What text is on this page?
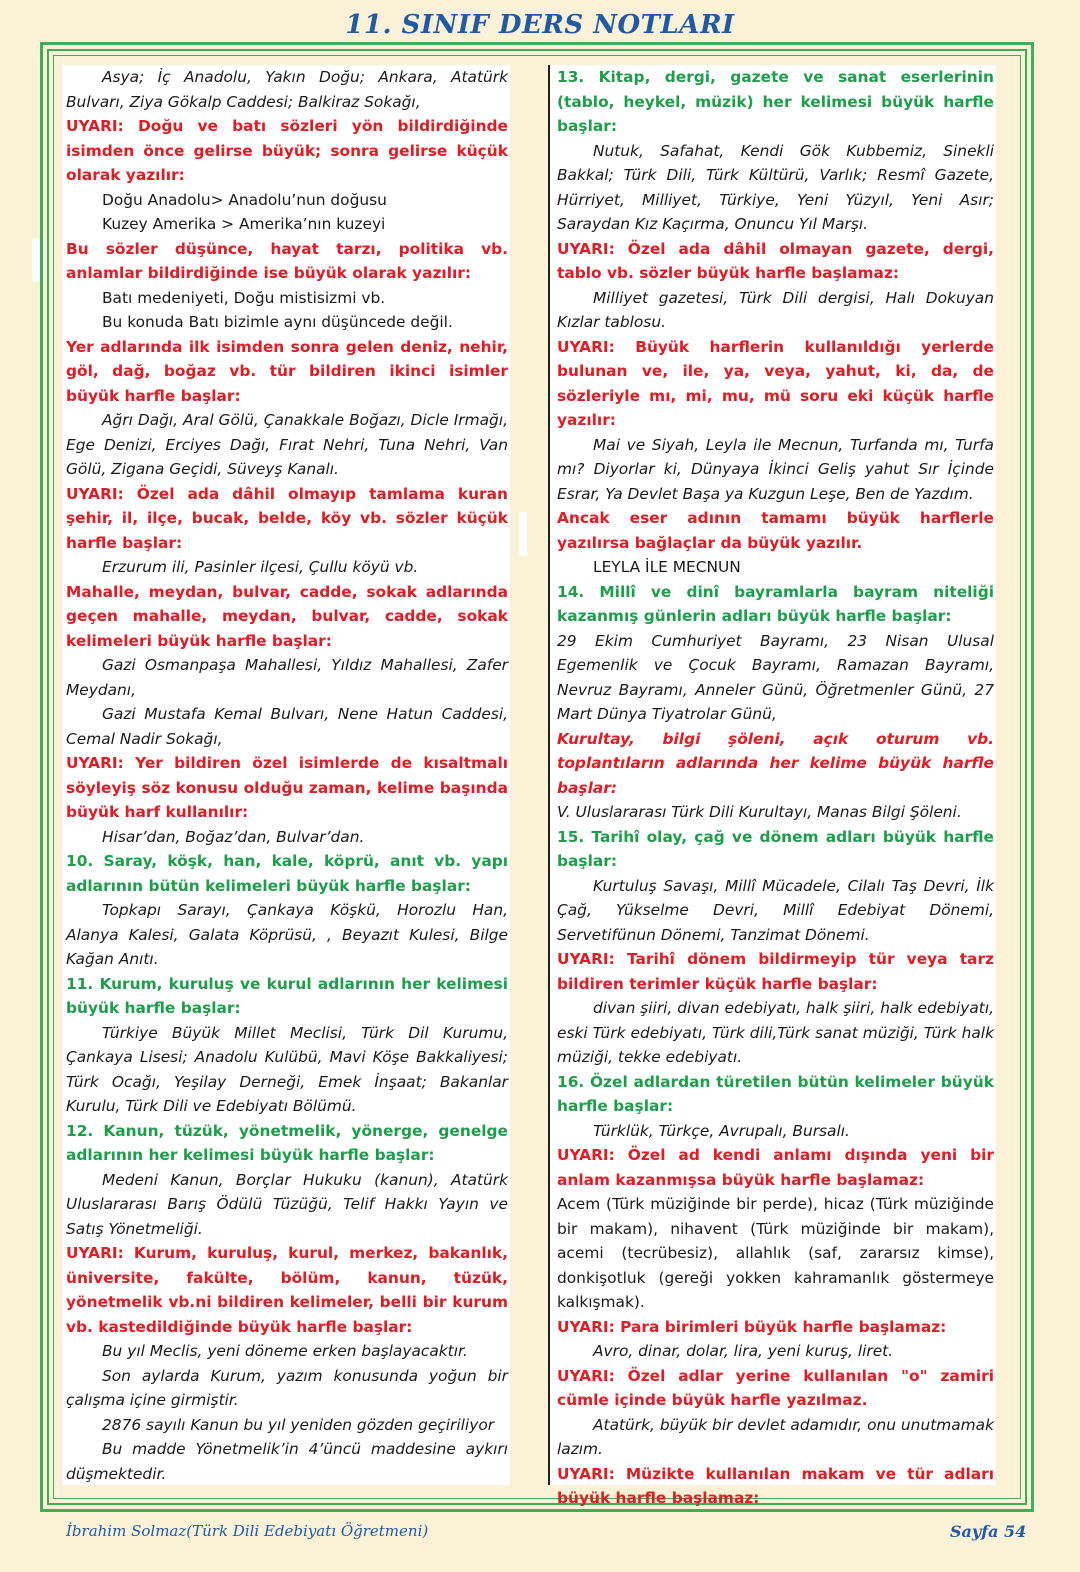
11. SINIF DERS NOTLARI

Asya; İç Anadolu, Yakın Doğu; Ankara, Atatürk Bulvarı, Ziya Gökalp Caddesi; Balkiraz Sokağı,

UYARI: Doğu ve batı sözleri yön bildirdiğinde isimden önce gelirse büyük; sonra gelirse küçük olarak yazılır:

Doğu Anadolu> Anadolu’nun doğusu

Kuzey Amerika > Amerika’nın kuzeyi

Bu sözler düşünce, hayat tarzı, politika vb. anlamlar bildirdiğinde ise büyük olarak yazılır:

Batı medeniyeti, Doğu mistisizmi vb.

Bu konuda Batı bizimle aynı düşüncede değil.

Yer adlarında ilk isimden sonra gelen deniz, nehir, göl, dağ, boğaz vb. tür bildiren ikinci isimler büyük harfle başlar:

Ağrı Dağı, Aral Gölü, Çanakkale Boğazı, Dicle Irmağı, Ege Denizi, Erciyes Dağı, Fırat Nehri, Tuna Nehri, Van Gölü, Zigana Geçidi, Süveyş Kanalı.

UYARI: Özel ada dâhil olmayıp tamlama kuran şehir, il, ilçe, bucak, belde, köy vb. sözler küçük harfle başlar:

Erzurum ili, Pasinler ilçesi, Çullu köyü vb.

Mahalle, meydan, bulvar, cadde, sokak adlarında geçen mahalle, meydan, bulvar, cadde, sokak kelimeleri büyük harfle başlar:

Gazi Osmanpaşa Mahallesi, Yıldız Mahallesi, Zafer Meydanı,

Gazi Mustafa Kemal Bulvarı, Nene Hatun Caddesi, Cemal Nadir Sokağı,

UYARI: Yer bildiren özel isimlerde de kısaltmalı söyleyiş söz konusu olduğu zaman, kelime başında büyük harf kullanılır:

Hisar’dan, Boğaz’dan, Bulvar’dan.

10. Saray, köşk, han, kale, köprü, anıt vb. yapı adlarının bütün kelimeleri büyük harfle başlar:

Topkapı Sarayı, Çankaya Köşkü, Horozlu Han, Alanya Kalesi, Galata Köprüsü, , Beyazıt Kulesi, Bilge Kağan Anıtı.

11. Kurum, kuruluş ve kurul adlarının her kelimesi büyük harfle başlar:

Türkiye Büyük Millet Meclisi, Türk Dil Kurumu, Çankaya Lisesi; Anadolu Kulübü, Mavi Köşe Bakkaliyesi; Türk Ocağı, Yeşilay Derneği, Emek İnşaat; Bakanlar Kurulu, Türk Dili ve Edebiyatı Bölümü.

12. Kanun, tüzük, yönetmelik, yönerge, genelge adlarının her kelimesi büyük harfle başlar:

Medeni Kanun, Borçlar Hukuku (kanun), Atatürk Uluslararası Barış Ödülü Tüzüğü, Telif Hakkı Yayın ve Satış Yönetmeliği.

UYARI: Kurum, kuruluş, kurul, merkez, bakanlık, üniversite, fakülte, bölüm, kanun, tüzük, yönetmelik vb.ni bildiren kelimeler, belli bir kurum vb. kastedildiğinde büyük harfle başlar:

Bu yıl Meclis, yeni döneme erken başlayacaktır.

Son aylarda Kurum, yazım konusunda yoğun bir çalışma içine girmiştir.

2876 sayılı Kanun bu yıl yeniden gözden geçiriliyor

Bu madde Yönetmelik’in 4’üncü maddesine aykırı düşmektedir.

13. Kitap, dergi, gazete ve sanat eserlerinin (tablo, heykel, müzik) her kelimesi büyük harfle başlar:

Nutuk, Safahat, Kendi Gök Kubbemiz, Sinekli Bakkal; Türk Dili, Türk Kültürü, Varlık; Resmî Gazete, Hürriyet, Milliyet, Türkiye, Yeni Yüzyıl, Yeni Asır; Saraydan Kız Kaçırma, Onuncu Yıl Marşı.

UYARI: Özel ada dâhil olmayan gazete, dergi, tablo vb. sözler büyük harfle başlamaz:

Milliyet gazetesi, Türk Dili dergisi, Halı Dokuyan Kızlar tablosu.

UYARI: Büyük harflerin kullanıldığı yerlerde bulunan ve, ile, ya, veya, yahut, ki, da, de sözleriyle mı, mi, mu, mü soru eki küçük harfle yazılır:

Mai ve Siyah, Leyla ile Mecnun, Turfanda mı, Turfa mı? Diyorlar ki, Dünyaya İkinci Geliş yahut Sır İçinde Esrar, Ya Devlet Başa ya Kuzgun Leşe, Ben de Yazdım.

Ancak eser adının tamamı büyük harflerle yazılırsa bağlaçlar da büyük yazılır.

LEYLA İLE MECNUN

14. Millî ve dinî bayramlarla bayram niteliği kazanmış günlerin adları büyük harfle başlar:

29 Ekim Cumhuriyet Bayramı, 23 Nisan Ulusal Egemenlik ve Çocuk Bayramı, Ramazan Bayramı, Nevruz Bayramı, Anneler Günü, Öğretmenler Günü, 27 Mart Dünya Tiyatrolar Günü,

Kurultay, bilgi şöleni, açık oturum vb. toplantıların adlarında her kelime büyük harfle başlar:

V. Uluslararası Türk Dili Kurultayı, Manas Bilgi Şöleni.

15. Tarihî olay, çağ ve dönem adları büyük harfle başlar:

Kurtuluş Savaşı, Millî Mücadele, Cilalı Taş Devri, İlk Çağ, Yükselme Devri, Millî Edebiyat Dönemi, Servetifünun Dönemi, Tanzimat Dönemi.

UYARI: Tarihî dönem bildirmeyip tür veya tarz bildiren terimler küçük harfle başlar:

divan şiiri, divan edebiyatı, halk şiiri, halk edebiyatı, eski Türk edebiyatı, Türk dili,Türk sanat müziği, Türk halk müziği, tekke edebiyatı.

16. Özel adlardan türetilen bütün kelimeler büyük harfle başlar:

Türklük, Türkçe, Avrupalı, Bursalı.

UYARI: Özel ad kendi anlamı dışında yeni bir anlam kazanmışsa büyük harfle başlamaz:

Acem (Türk müziğinde bir perde), hicaz (Türk müziğinde bir makam), nihavent (Türk müziğinde bir makam), acemi (tecrübesiz), allahlık (saf, zararsız kimse), donkişotluk (gereği yokken kahramanlık göstermeye kalkışmak).

UYARI: Para birimleri büyük harfle başlamaz:

Avro, dinar, dolar, lira, yeni kuruş, liret.

UYARI: Özel adlar yerine kullanılan "o" zamiri cümle içinde büyük harfle yazılmaz.

Atatürk, büyük bir devlet adamıdır, onu unutmamak lazım.

UYARI: Müzikte kullanılan makam ve tür adları büyük harfle başlamaz:

İbrahim Solmaz(Türk Dili Edebiyatı Öğretmeni)	Sayfa 54
